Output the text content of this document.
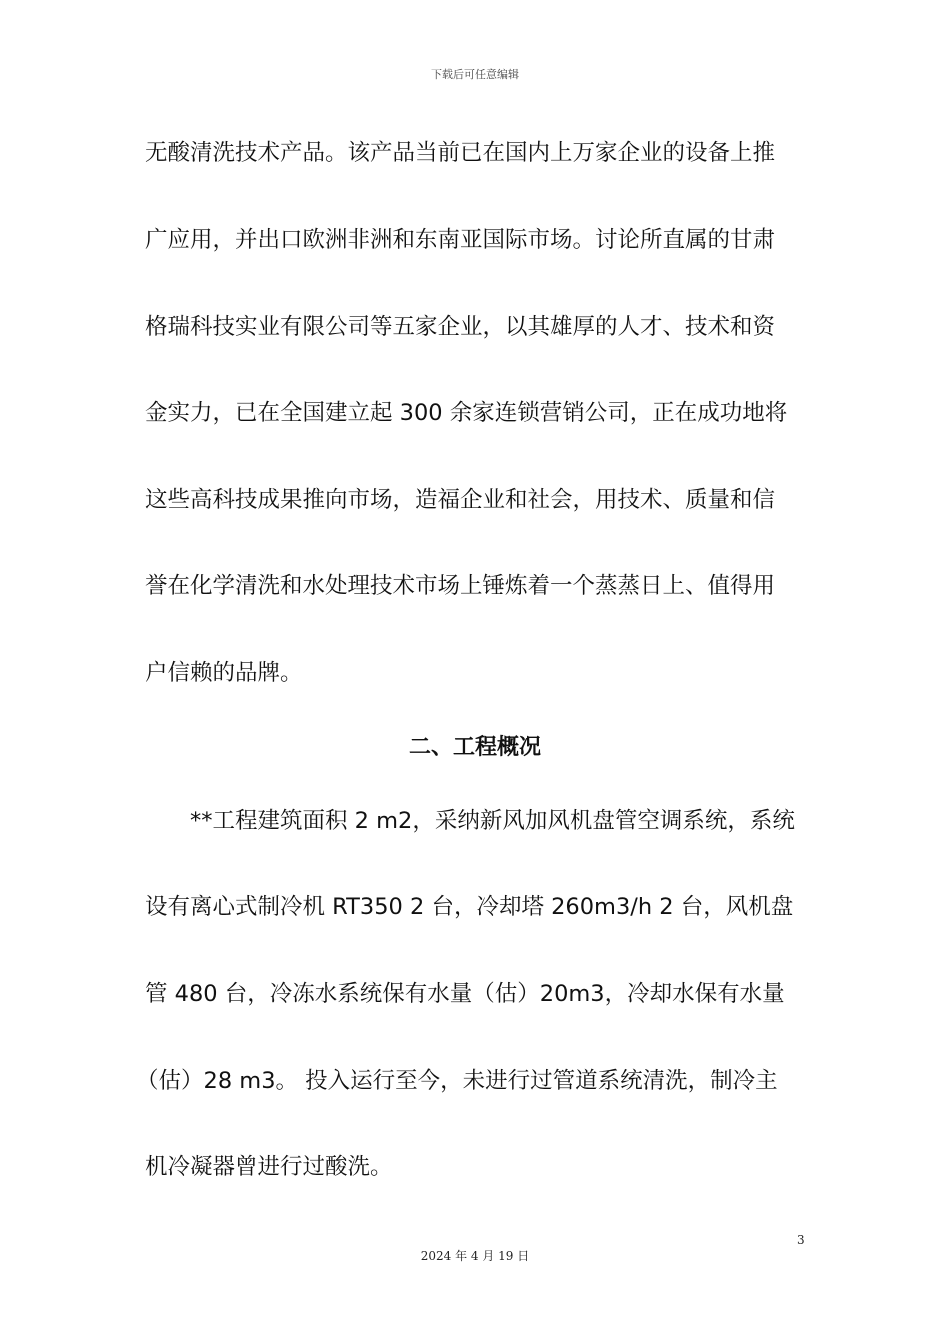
下载后可任意编辑
无酸清洗技术产品。该产品当前已在国内上万家企业的设备上推
广应用，并出口欧洲非洲和东南亚国际市场。讨论所直属的甘肃
格瑞科技实业有限公司等五家企业，以其雄厚的人才、技术和资
金实力，已在全国建立起 300 余家连锁营销公司，正在成功地将
这些高科技成果推向市场，造福企业和社会，用技术、质量和信
誉在化学清洗和水处理技术市场上锤炼着一个蒸蒸日上、值得用
户信赖的品牌。
二、工程概况
**工程建筑面积 2 m2，采纳新风加风机盘管空调系统，系统
设有离心式制冷机 RT350 2 台，冷却塔 260m3/h 2 台，风机盘
管 480 台，冷冻水系统保有水量（估）20m3，冷却水保有水量
（估）28 m3。 投入运行至今，未进行过管道系统清洗，制冷主
机冷凝器曾进行过酸洗。
3
2024 年 4 月 19 日
